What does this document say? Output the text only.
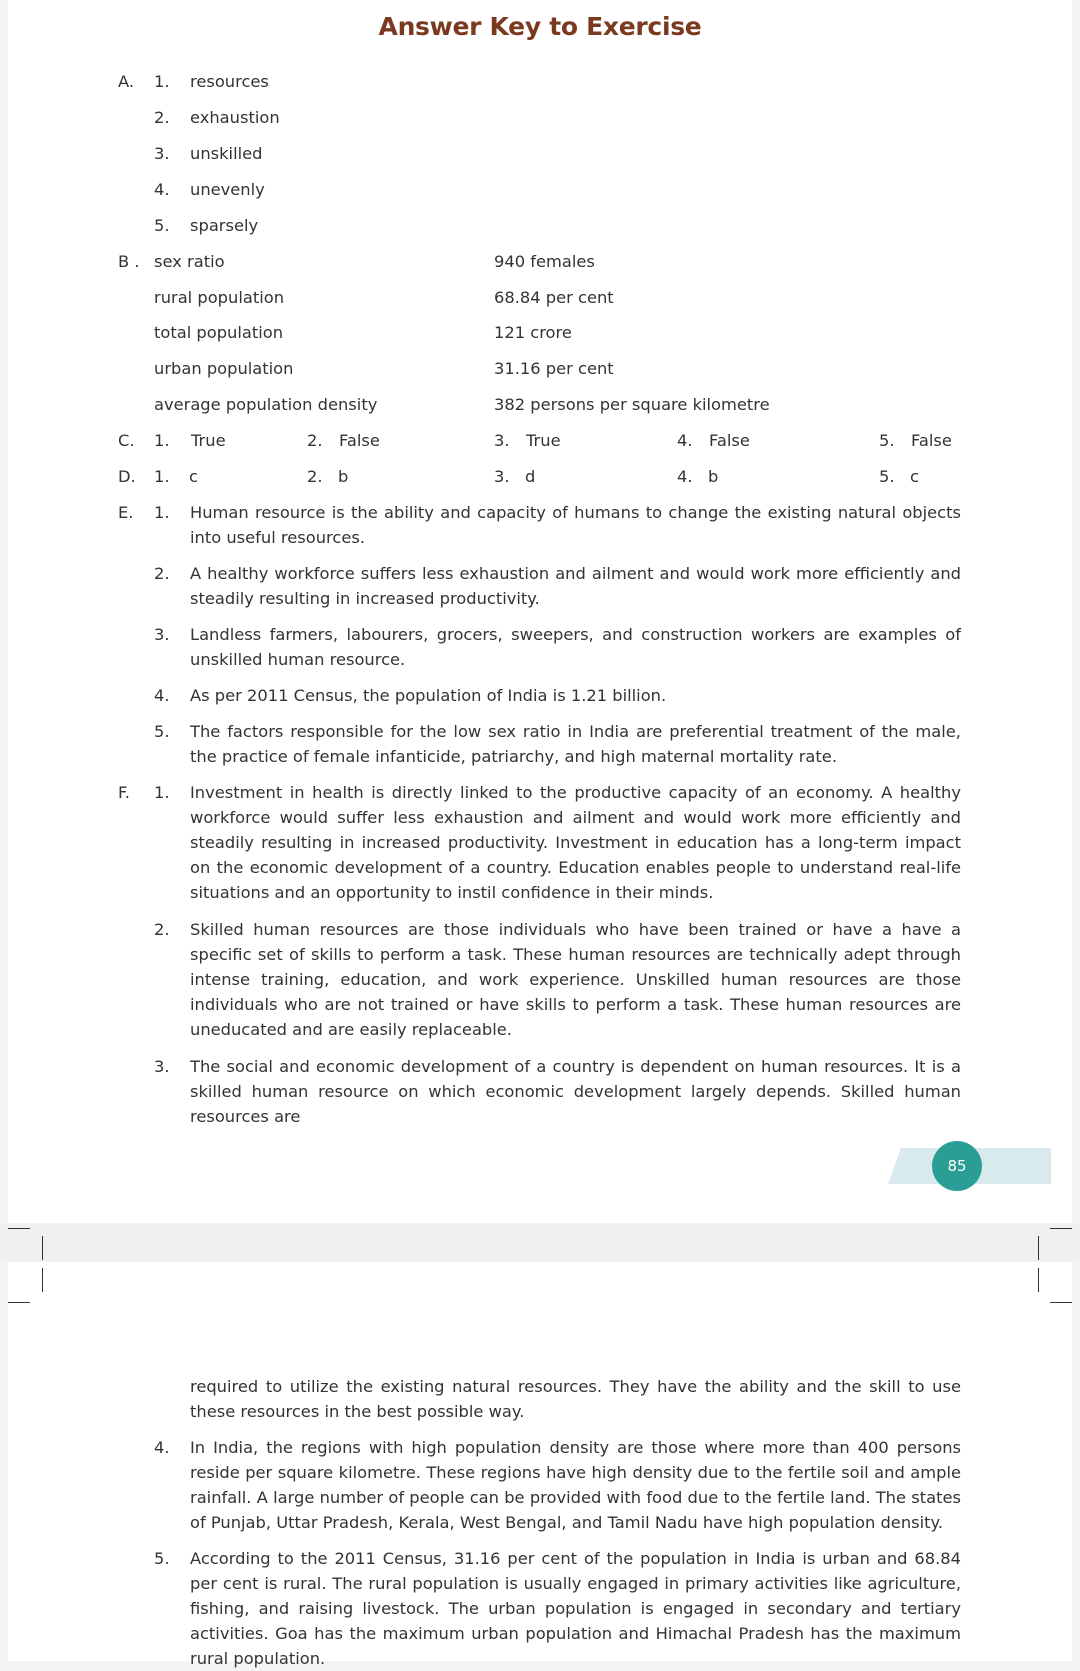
Answer Key to Exercise
A. 1. resources
2. exhaustion
3. unskilled
4. unevenly
5. sparsely
B . sex ratio	940 females
rural population	68.84 per cent
total population	121 crore
urban population	31.16 per cent
average population density	382 persons per square kilometre
C. 1. True	2. False	3. True	4. False	5. False
D. 1. c	2. b	3. d	4. b	5. c
E. 1. Human resource is the ability and capacity of humans to change the existing natural objects into useful resources.
2. A healthy workforce suffers less exhaustion and ailment and would work more efficiently and steadily resulting in increased productivity.
3. Landless farmers, labourers, grocers, sweepers, and construction workers are examples of unskilled human resource.
4. As per 2011 Census, the population of India is 1.21 billion.
5. The factors responsible for the low sex ratio in India are preferential treatment of the male, the practice of female infanticide, patriarchy, and high maternal mortality rate.
F. 1. Investment in health is directly linked to the productive capacity of an economy. A healthy workforce would suffer less exhaustion and ailment and would work more efficiently and steadily resulting in increased productivity. Investment in education has a long-term impact on the economic development of a country. Education enables people to understand real-life situations and an opportunity to instil confidence in their minds.
2. Skilled human resources are those individuals who have been trained or have a have a specific set of skills to perform a task. These human resources are technically adept through intense training, education, and work experience. Unskilled human resources are those individuals who are not trained or have skills to perform a task. These human resources are uneducated and are easily replaceable.
3. The social and economic development of a country is dependent on human resources. It is a skilled human resource on which economic development largely depends. Skilled human resources are
85
required to utilize the existing natural resources. They have the ability and the skill to use these resources in the best possible way.
4. In India, the regions with high population density are those where more than 400 persons reside per square kilometre. These regions have high density due to the fertile soil and ample rainfall. A large number of people can be provided with food due to the fertile land. The states of Punjab, Uttar Pradesh, Kerala, West Bengal, and Tamil Nadu have high population density.
5. According to the 2011 Census, 31.16 per cent of the population in India is urban and 68.84 per cent is rural. The rural population is usually engaged in primary activities like agriculture, fishing, and raising livestock. The urban population is engaged in secondary and tertiary activities. Goa has the maximum urban population and Himachal Pradesh has the maximum rural population.
